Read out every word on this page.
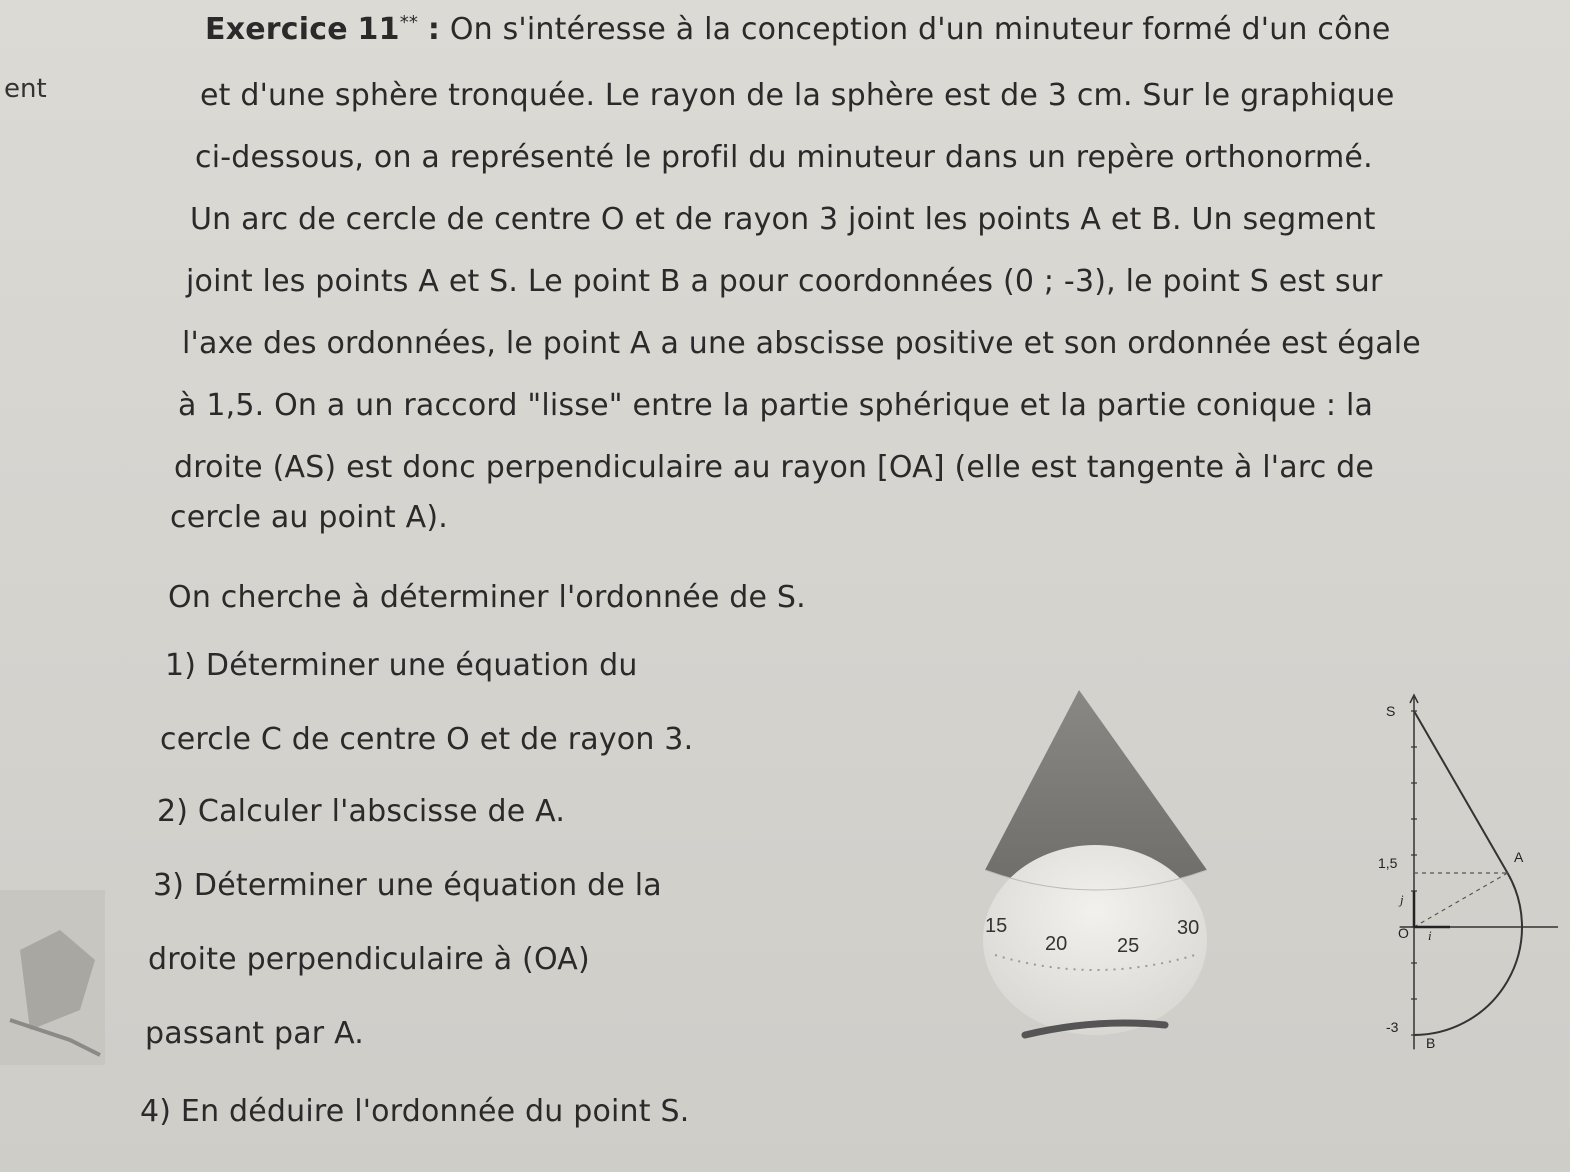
ent
Exercice 11** : On s'intéresse à la conception d'un minuteur formé d'un cône
et d'une sphère tronquée. Le rayon de la sphère est de 3 cm. Sur le graphique
ci-dessous, on a représenté le profil du minuteur dans un repère orthonormé.
Un arc de cercle de centre O et de rayon 3 joint les points A et B. Un segment
joint les points A et S. Le point B a pour coordonnées (0 ; -3), le point S est sur
l'axe des ordonnées, le point A a une abscisse positive et son ordonnée est égale
à 1,5. On a un raccord "lisse" entre la partie sphérique et la partie conique : la
droite (AS) est donc perpendiculaire au rayon [OA] (elle est tangente à l'arc de
cercle au point A).
On cherche à déterminer l'ordonnée de S.
1) Déterminer une équation du
cercle C de centre O et de rayon 3.
2) Calculer l'abscisse de A.
3) Déterminer une équation de la
droite perpendiculaire à (OA)
passant par A.
4) En déduire l'ordonnée du point S.
15
20 25
30
S
A
B
O i
j
1,5
-3
